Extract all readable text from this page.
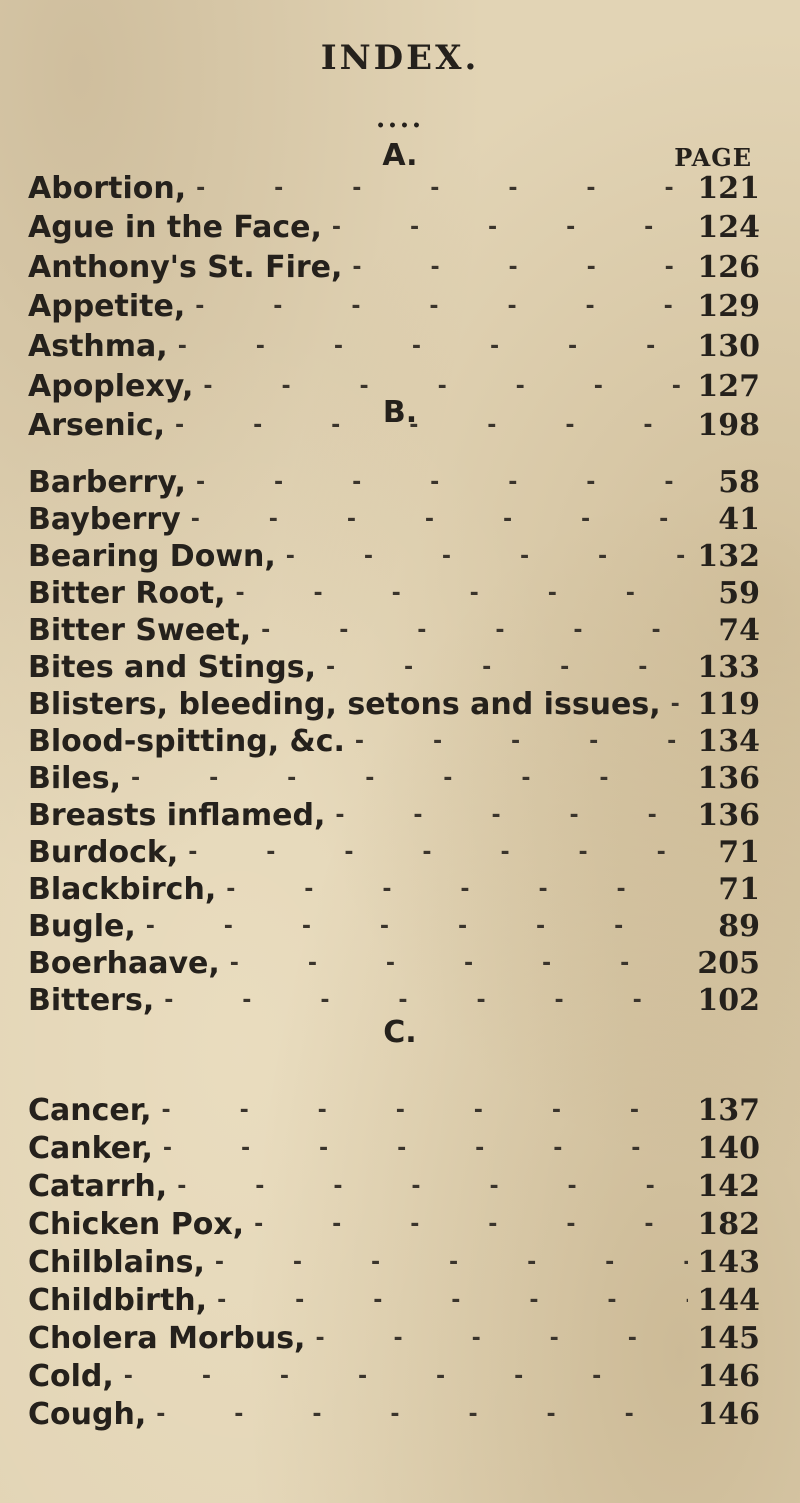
INDEX.
••••
PAGE
A.
Abortion, -	121
Ague in the Face, -	124
Anthony's St. Fire, -	126
Appetite, -	129
Asthma, -	130
Apoplexy, -	127
Arsenic, -	198
B.
Barberry, -	58
Bayberry -	41
Bearing Down, -	132
Bitter Root, -	59
Bitter Sweet, -	74
Bites and Stings, -	133
Blisters, bleeding, setons and issues, -	119
Blood-spitting, &c. -	134
Biles, -	136
Breasts inflamed, -	136
Burdock, -	71
Blackbirch, -	71
Bugle, -	89
Boerhaave, -	205
Bitters, -	102
C.
Cancer, -	137
Canker, -	140
Catarrh, -	142
Chicken Pox, -	182
Chilblains, -	143
Childbirth, -	144
Cholera Morbus, -	145
Cold, -	146
Cough, -	146
